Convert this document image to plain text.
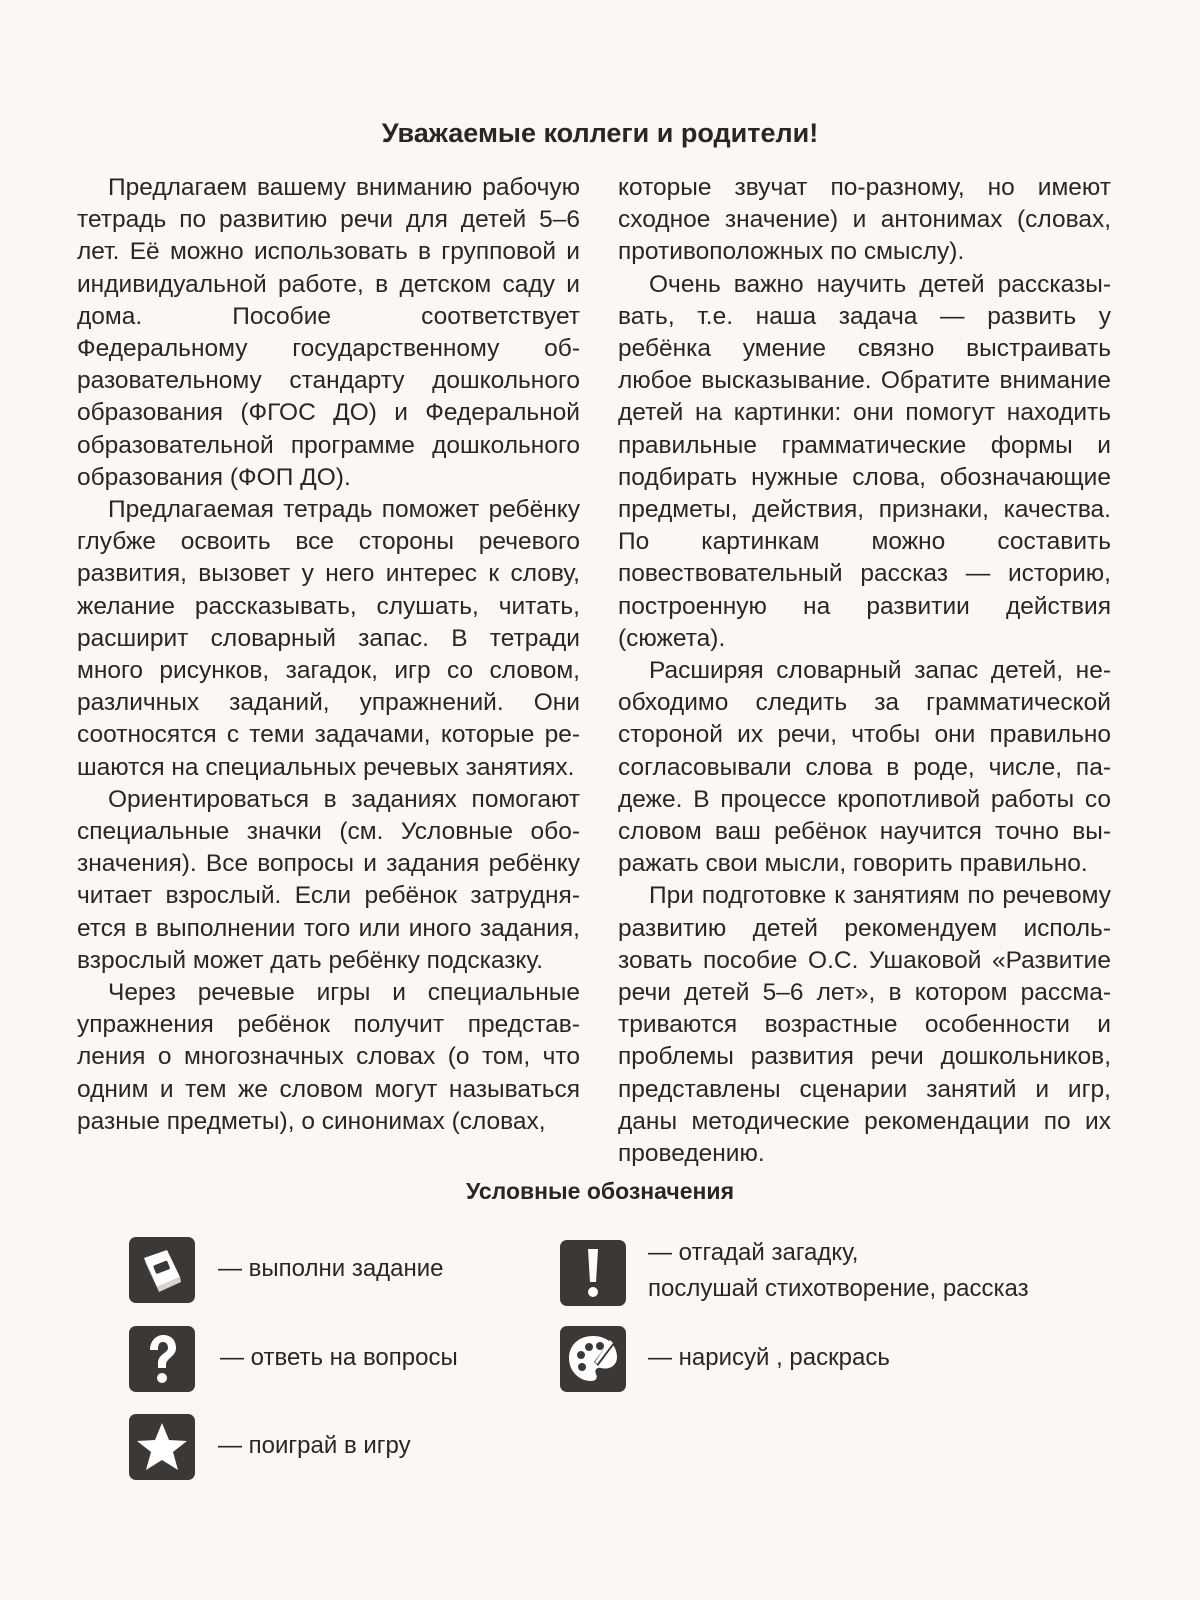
Уважаемые коллеги и родители!

Предлагаем вашему вниманию рабочую тетрадь по развитию речи для детей 5–6 лет. Её можно использовать в групповой и индивидуальной работе, в детском саду и дома. Пособие соответствует Федеральному государственному образовательному стандарту дошкольного образования (ФГОС ДО) и Федеральной образовательной программе дошкольного образования (ФОП ДО).

Предлагаемая тетрадь поможет ребёнку глубже освоить все стороны речевого развития, вызовет у него интерес к слову, желание рассказывать, слушать, читать, расширит словарный запас. В тетради много рисунков, загадок, игр со словом, различных заданий, упражнений. Они соотносятся с теми задачами, которые решаются на специальных речевых занятиях.

Ориентироваться в заданиях помогают специальные значки (см. Условные обозначения). Все вопросы и задания ребёнку читает взрослый. Если ребёнок затрудняется в выполнении того или иного задания, взрослый может дать ребёнку подсказку.

Через речевые игры и специальные упражнения ребёнок получит представления о многозначных словах (о том, что одним и тем же словом могут называться разные предметы), о синонимах (словах,

которые звучат по-разному, но имеют сходное значение) и антонимах (словах, противоположных по смыслу).

Очень важно научить детей рассказывать, т.е. наша задача — развить у ребёнка умение связно выстраивать любое высказывание. Обратите внимание детей на картинки: они помогут находить правильные грамматические формы и подбирать нужные слова, обозначающие предметы, действия, признаки, качества. По картинкам можно составить повествовательный рассказ — историю, построенную на развитии действия (сюжета).

Расширяя словарный запас детей, необходимо следить за грамматической стороной их речи, чтобы они правильно согласовывали слова в роде, числе, падеже. В процессе кропотливой работы со словом ваш ребёнок научится точно выражать свои мысли, говорить правильно.

При подготовке к занятиям по речевому развитию детей рекомендуем использовать пособие О.С. Ушаковой «Развитие речи детей 5–6 лет», в котором рассматриваются возрастные особенности и проблемы развития речи дошкольников, представлены сценарии занятий и игр, даны методические рекомендации по их проведению.

Условные обозначения
— выполни задание
— ответь на вопросы
— поиграй в игру
— отгадай загадку,
послушай стихотворение, рассказ
— нарисуй , раскрась
